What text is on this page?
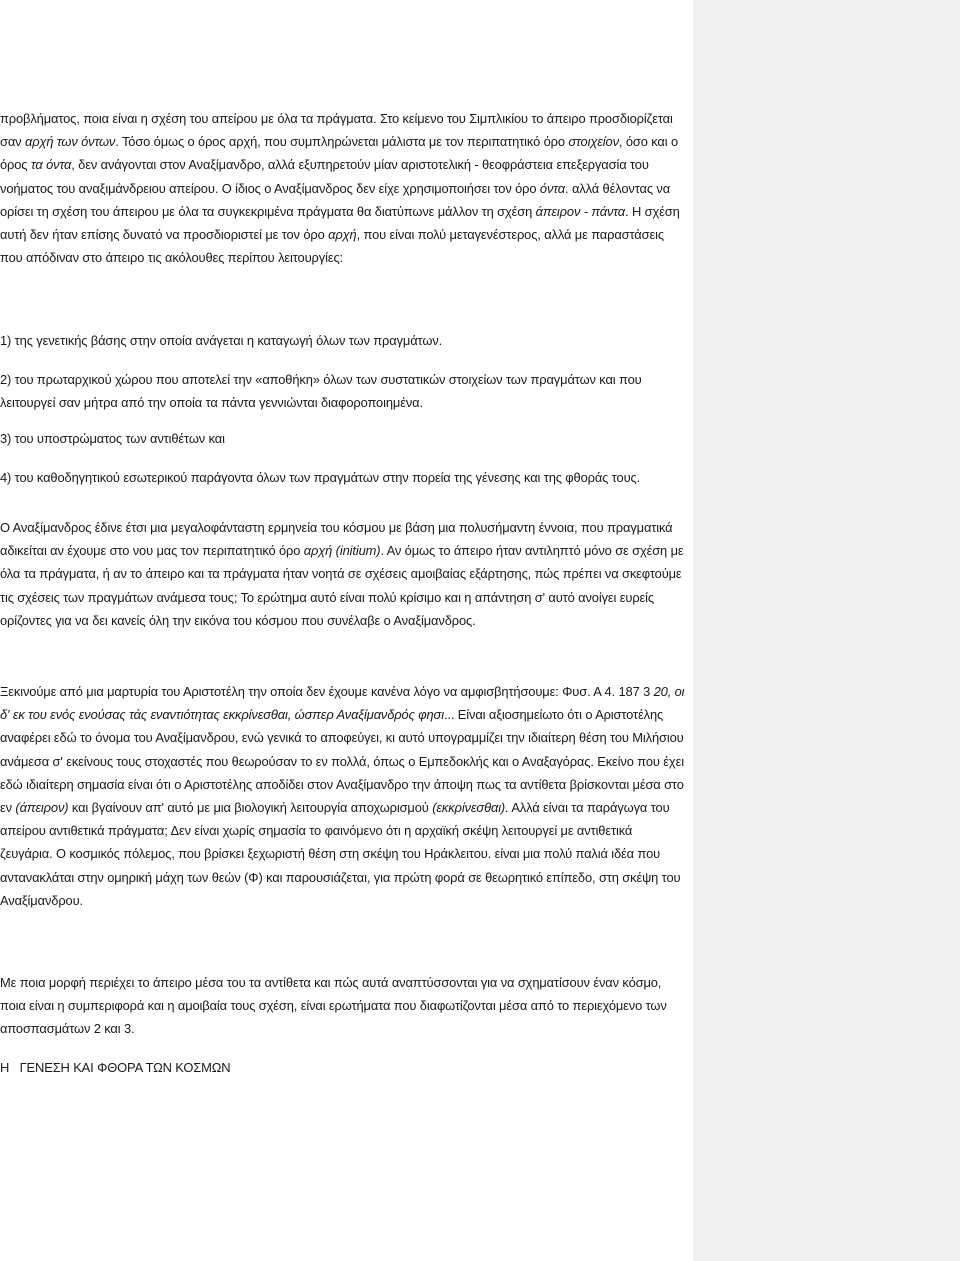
προβλήματος, ποια είναι η σχέση του απείρου με όλα τα πράγματα. Στο κείμενο του Σιμπλικίου το άπειρο προσδιορίζεται σαν αρχή των όντων. Τόσο όμως ο όρος αρχή, που συμπληρώνεται μάλιστα με τον περιπατητικό όρο στοιχείον, όσο και ο όρος τα όντα, δεν ανάγονται στον Αναξίμανδρο, αλλά εξυπηρετούν μίαν αριστοτελική - θεοφράστεια επεξεργασία του νοήματος του αναξιμάνδρειου απείρου. Ο ίδιος ο Αναξίμανδρος δεν είχε χρησιμοποιήσει τον όρο όντα. αλλά θέλοντας να ορίσει τη σχέση του άπειρου με όλα τα συγκεκριμένα πράγματα θα διατύπωνε μάλλον τη σχέση άπειρον - πάντα. Η σχέση αυτή δεν ήταν επίσης δυνατό να προσδιοριστεί με τον όρο αρχή, που είναι πολύ μεταγενέστερος, αλλά με παραστάσεις που απόδιναν στο άπειρο τις ακόλουθες περίπου λειτουργίες:

1) της γενετικής βάσης στην οποία ανάγεται η καταγωγή όλων των πραγμάτων.

2) του πρωταρχικού χώρου που αποτελεί την «αποθήκη» όλων των συστατικών στοιχείων των πραγμάτων και που λειτουργεί σαν μήτρα από την οποία τα πάντα γεννιώνται διαφοροποιημένα.

3) του υποστρώματος των αντιθέτων και

4) του καθοδηγητικού εσωτερικού παράγοντα όλων των πραγμάτων στην πορεία της γένεσης και της φθοράς τους.

Ο Αναξίμανδρος έδινε έτσι μια μεγαλοφάνταστη ερμηνεία του κόσμου με βάση μια πολυσήμαντη έννοια, που πραγματικά αδικείται αν έχουμε στο νου μας τον περιπατητικό όρο αρχή (initium). Αν όμως το άπειρο ήταν αντιληπτό μόνο σε σχέση με όλα τα πράγματα, ή αν το άπειρο και τα πράγματα ήταν νοητά σε σχέσεις αμοιβαίας εξάρτησης, πώς πρέπει να σκεφτούμε τις σχέσεις των πραγμάτων ανάμεσα τους; Το ερώτημα αυτό είναι πολύ κρίσιμο και η απάντηση σ' αυτό ανοίγει ευρείς ορίζοντες για να δει κανείς όλη την εικόνα του κόσμου που συνέλαβε ο Αναξίμανδρος.

Ξεκινούμε από μια μαρτυρία του Αριστοτέλη την οποία δεν έχουμε κανένα λόγο να αμφισβητήσουμε: Φυσ. Α 4. 187 3 20, οι δ' εκ του ενός ενούσας τάς εναντιότητας εκκρίνεσθαι, ώσπερ Αναξίμανδρός φησι... Είναι αξιοσημείωτο ότι ο Αριστοτέλης αναφέρει εδώ το όνομα του Αναξίμανδρου, ενώ γενικά το αποφεύγει, κι αυτό υπογραμμίζει την ιδιαίτερη θέση του Μιλήσιου ανάμεσα σ' εκείνους τους στοχαστές που θεωρούσαν το εν πολλά, όπως ο Εμπεδοκλής και ο Αναξαγόρας. Εκείνο που έχει εδώ ιδιαίτερη σημασία είναι ότι ο Αριστοτέλης αποδίδει στον Αναξίμανδρο την άποψη πως τα αντίθετα βρίσκονται μέσα στο εν (άπειρον) και βγαίνουν απ' αυτό με μια βιολογική λειτουργία αποχωρισμού (εκκρίνεσθαι). Αλλά είναι τα παράγωγα του απείρου αντιθετικά πράγματα; Δεν είναι χωρίς σημασία το φαινόμενο ότι η αρχαϊκή σκέψη λειτουργεί με αντιθετικά ζευγάρια. Ο κοσμικός πόλεμος, που βρίσκει ξεχωριστή θέση στη σκέψη του Ηράκλειτου. είναι μια πολύ παλιά ιδέα που αντανακλάται στην ομηρική μάχη των θεών (Φ) και παρουσιάζεται, για πρώτη φορά σε θεωρητικό επίπεδο, στη σκέψη του Αναξίμανδρου.

Με ποια μορφή περιέχει το άπειρο μέσα του τα αντίθετα και πώς αυτά αναπτύσσονται για να σχηματίσουν έναν κόσμο, ποια είναι η συμπεριφορά και η αμοιβαία τους σχέση, είναι ερωτήματα που διαφωτίζονται μέσα από το περιεχόμενο των αποσπασμάτων 2 και 3.

Η   ΓΕΝΕΣΗ ΚΑΙ ΦΘΟΡΑ ΤΩΝ ΚΟΣΜΩΝ
